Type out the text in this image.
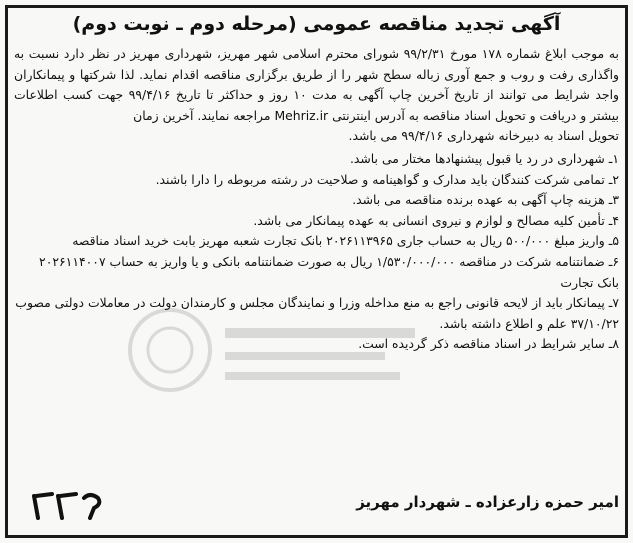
آگهی تجدید مناقصه عمومی (مرحله دوم ـ نوبت دوم)

به موجب ابلاغ شماره ۱۷۸ مورخ ۹۹/۲/۳۱ شورای محترم اسلامی شهر مهریز، شهرداری مهریز در نظر دارد نسبت به واگذاری رفت و روب و جمع آوری زباله سطح شهر را از طریق برگزاری مناقصه اقدام نماید. لذا شرکتها و پیمانکاران واجد شرایط می توانند از تاریخ آخرین چاپ آگهی به مدت ۱۰ روز و حداکثر تا تاریخ ۹۹/۴/۱۶ جهت کسب اطلاعات بیشتر و دریافت و تحویل اسناد مناقصه به آدرس اینترنتی Mehriz.ir مراجعه نمایند. آخرین زمان
تحویل اسناد به دبیرخانه شهرداری ۹۹/۴/۱۶ می باشد.

۱ـ شهرداری در رد یا قبول پیشنهادها مختار می باشد.
۲ـ تمامی شرکت کنندگان باید مدارک و گواهینامه و صلاحیت در رشته مربوطه را دارا باشند.
۳ـ هزینه چاپ آگهی به عهده برنده مناقصه می باشد.
۴ـ تأمین کلیه مصالح و لوازم و نیروی انسانی به عهده پیمانکار می باشد.
۵ـ واریز مبلغ ۵۰۰/۰۰۰ ریال به حساب جاری ۲۰۲۶۱۱۳۹۶۵ بانک تجارت شعبه مهریز بابت خرید اسناد مناقصه
۶ـ ضمانتنامه شرکت در مناقصه ۱/۵۳۰/۰۰۰/۰۰۰ ریال به صورت ضمانتنامه بانکی و یا واریز به حساب ۲۰۲۶۱۱۴۰۰۷ بانک تجارت
۷ـ پیمانکار باید از لایحه قانونی راجع به منع مداخله وزرا و نمایندگان مجلس و کارمندان دولت در معاملات دولتی مصوب ۳۷/۱۰/۲۲ علم و اطلاع داشته باشد.
۸ـ سایر شرایط در اسناد مناقصه ذکر گردیده است.
امیر حمزه زارعزاده ـ شهردار مهریز
